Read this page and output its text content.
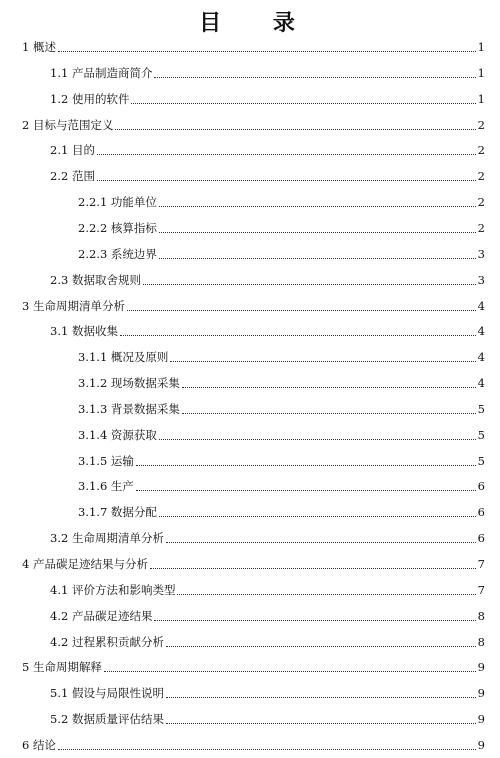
目 录
1 概述	1
1.1 产品制造商简介	1
1.2 使用的软件	1
2 目标与范围定义	2
2.1 目的	2
2.2 范围	2
2.2.1 功能单位	2
2.2.2 核算指标	2
2.2.3 系统边界	3
2.3 数据取舍规则	3
3 生命周期清单分析	4
3.1 数据收集	4
3.1.1 概况及原则	4
3.1.2 现场数据采集	4
3.1.3 背景数据采集	5
3.1.4 资源获取	5
3.1.5 运输	5
3.1.6 生产	6
3.1.7 数据分配	6
3.2 生命周期清单分析	6
4 产品碳足迹结果与分析	7
4.1 评价方法和影响类型	7
4.2 产品碳足迹结果	8
4.2 过程累积贡献分析	8
5 生命周期解释	9
5.1 假设与局限性说明	9
5.2 数据质量评估结果	9
6 结论	9
